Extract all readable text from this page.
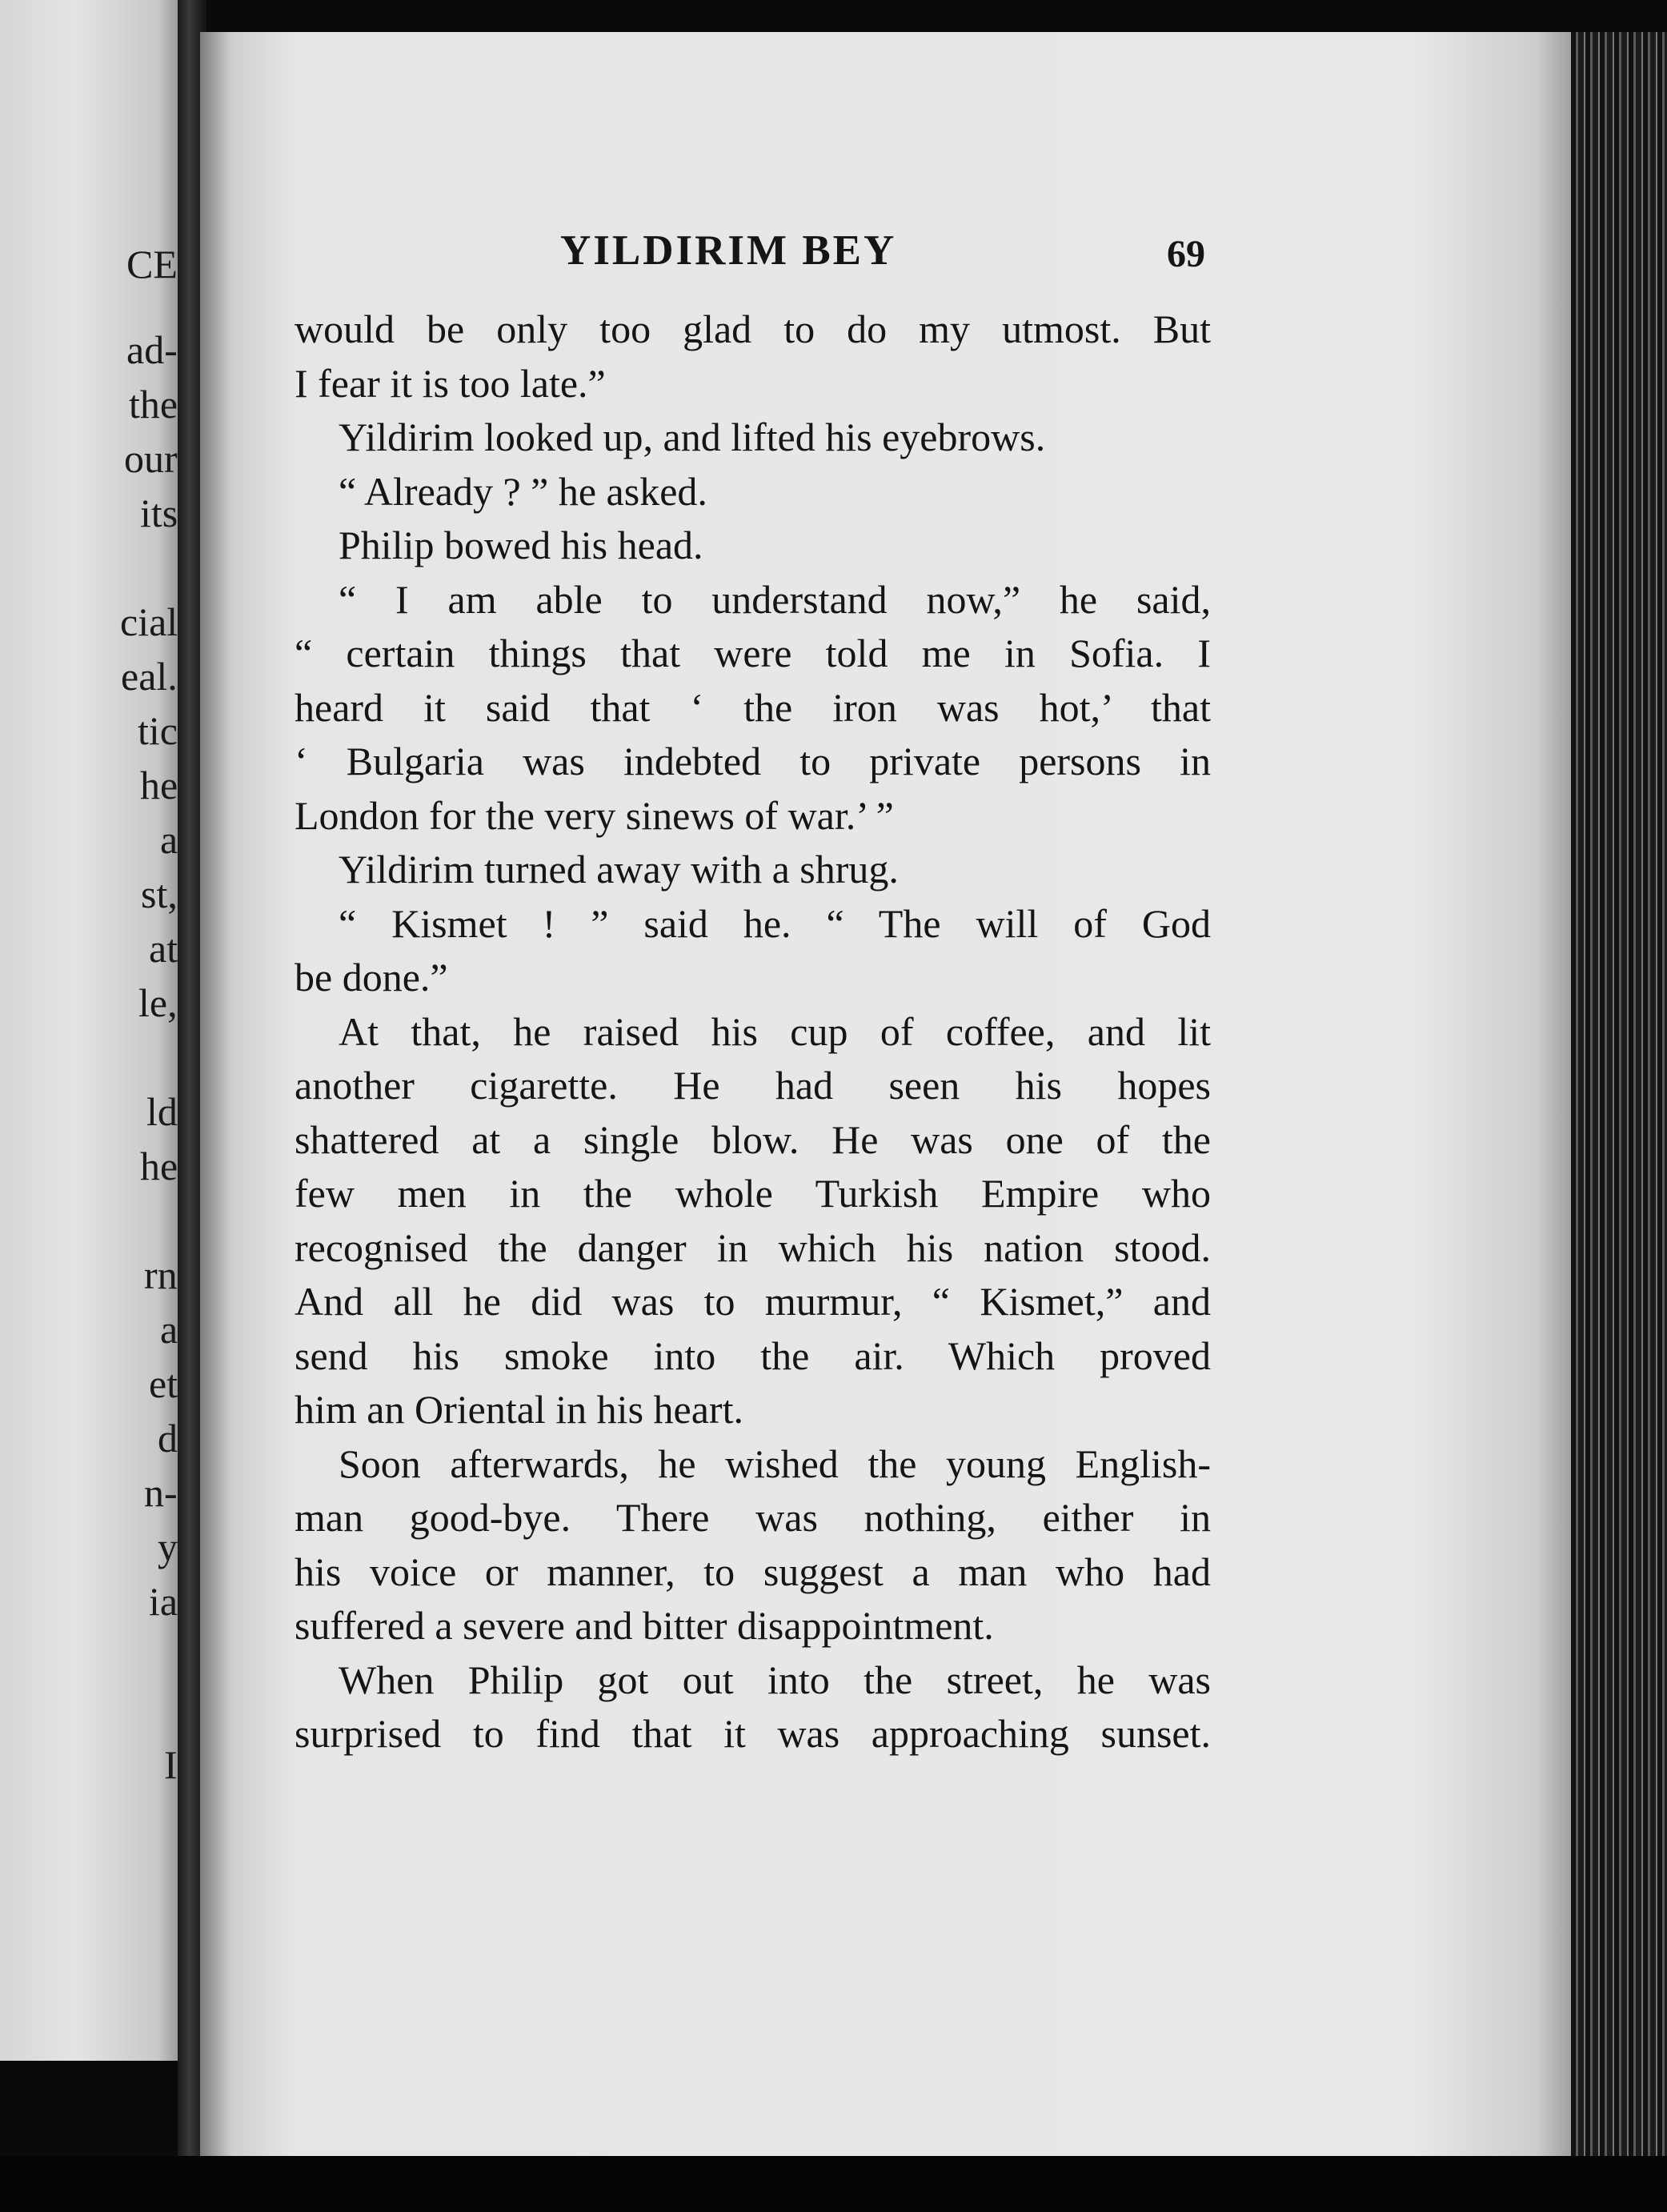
CE
ad-
the
our
its
cial
eal.
tic
he
a
st,
at
le,
ld
he
rn
a
et
d
n-
y
ia
I
YILDIRIM BEY	69
would be only too glad to do my utmost. But
I fear it is too late.”
Yildirim looked up, and lifted his eyebrows.
“ Already ? ” he asked.
Philip bowed his head.
“ I am able to understand now,” he said,
“ certain things that were told me in Sofia. I
heard it said that ‘ the iron was hot,’ that
‘ Bulgaria was indebted to private persons in
London for the very sinews of war.’ ”
Yildirim turned away with a shrug.
“ Kismet ! ” said he. “ The will of God
be done.”
At that, he raised his cup of coffee, and lit
another cigarette. He had seen his hopes
shattered at a single blow. He was one of the
few men in the whole Turkish Empire who
recognised the danger in which his nation stood.
And all he did was to murmur, “ Kismet,” and
send his smoke into the air. Which proved
him an Oriental in his heart.
Soon afterwards, he wished the young English-
man good-bye. There was nothing, either in
his voice or manner, to suggest a man who had
suffered a severe and bitter disappointment.
When Philip got out into the street, he was
surprised to find that it was approaching sunset.
